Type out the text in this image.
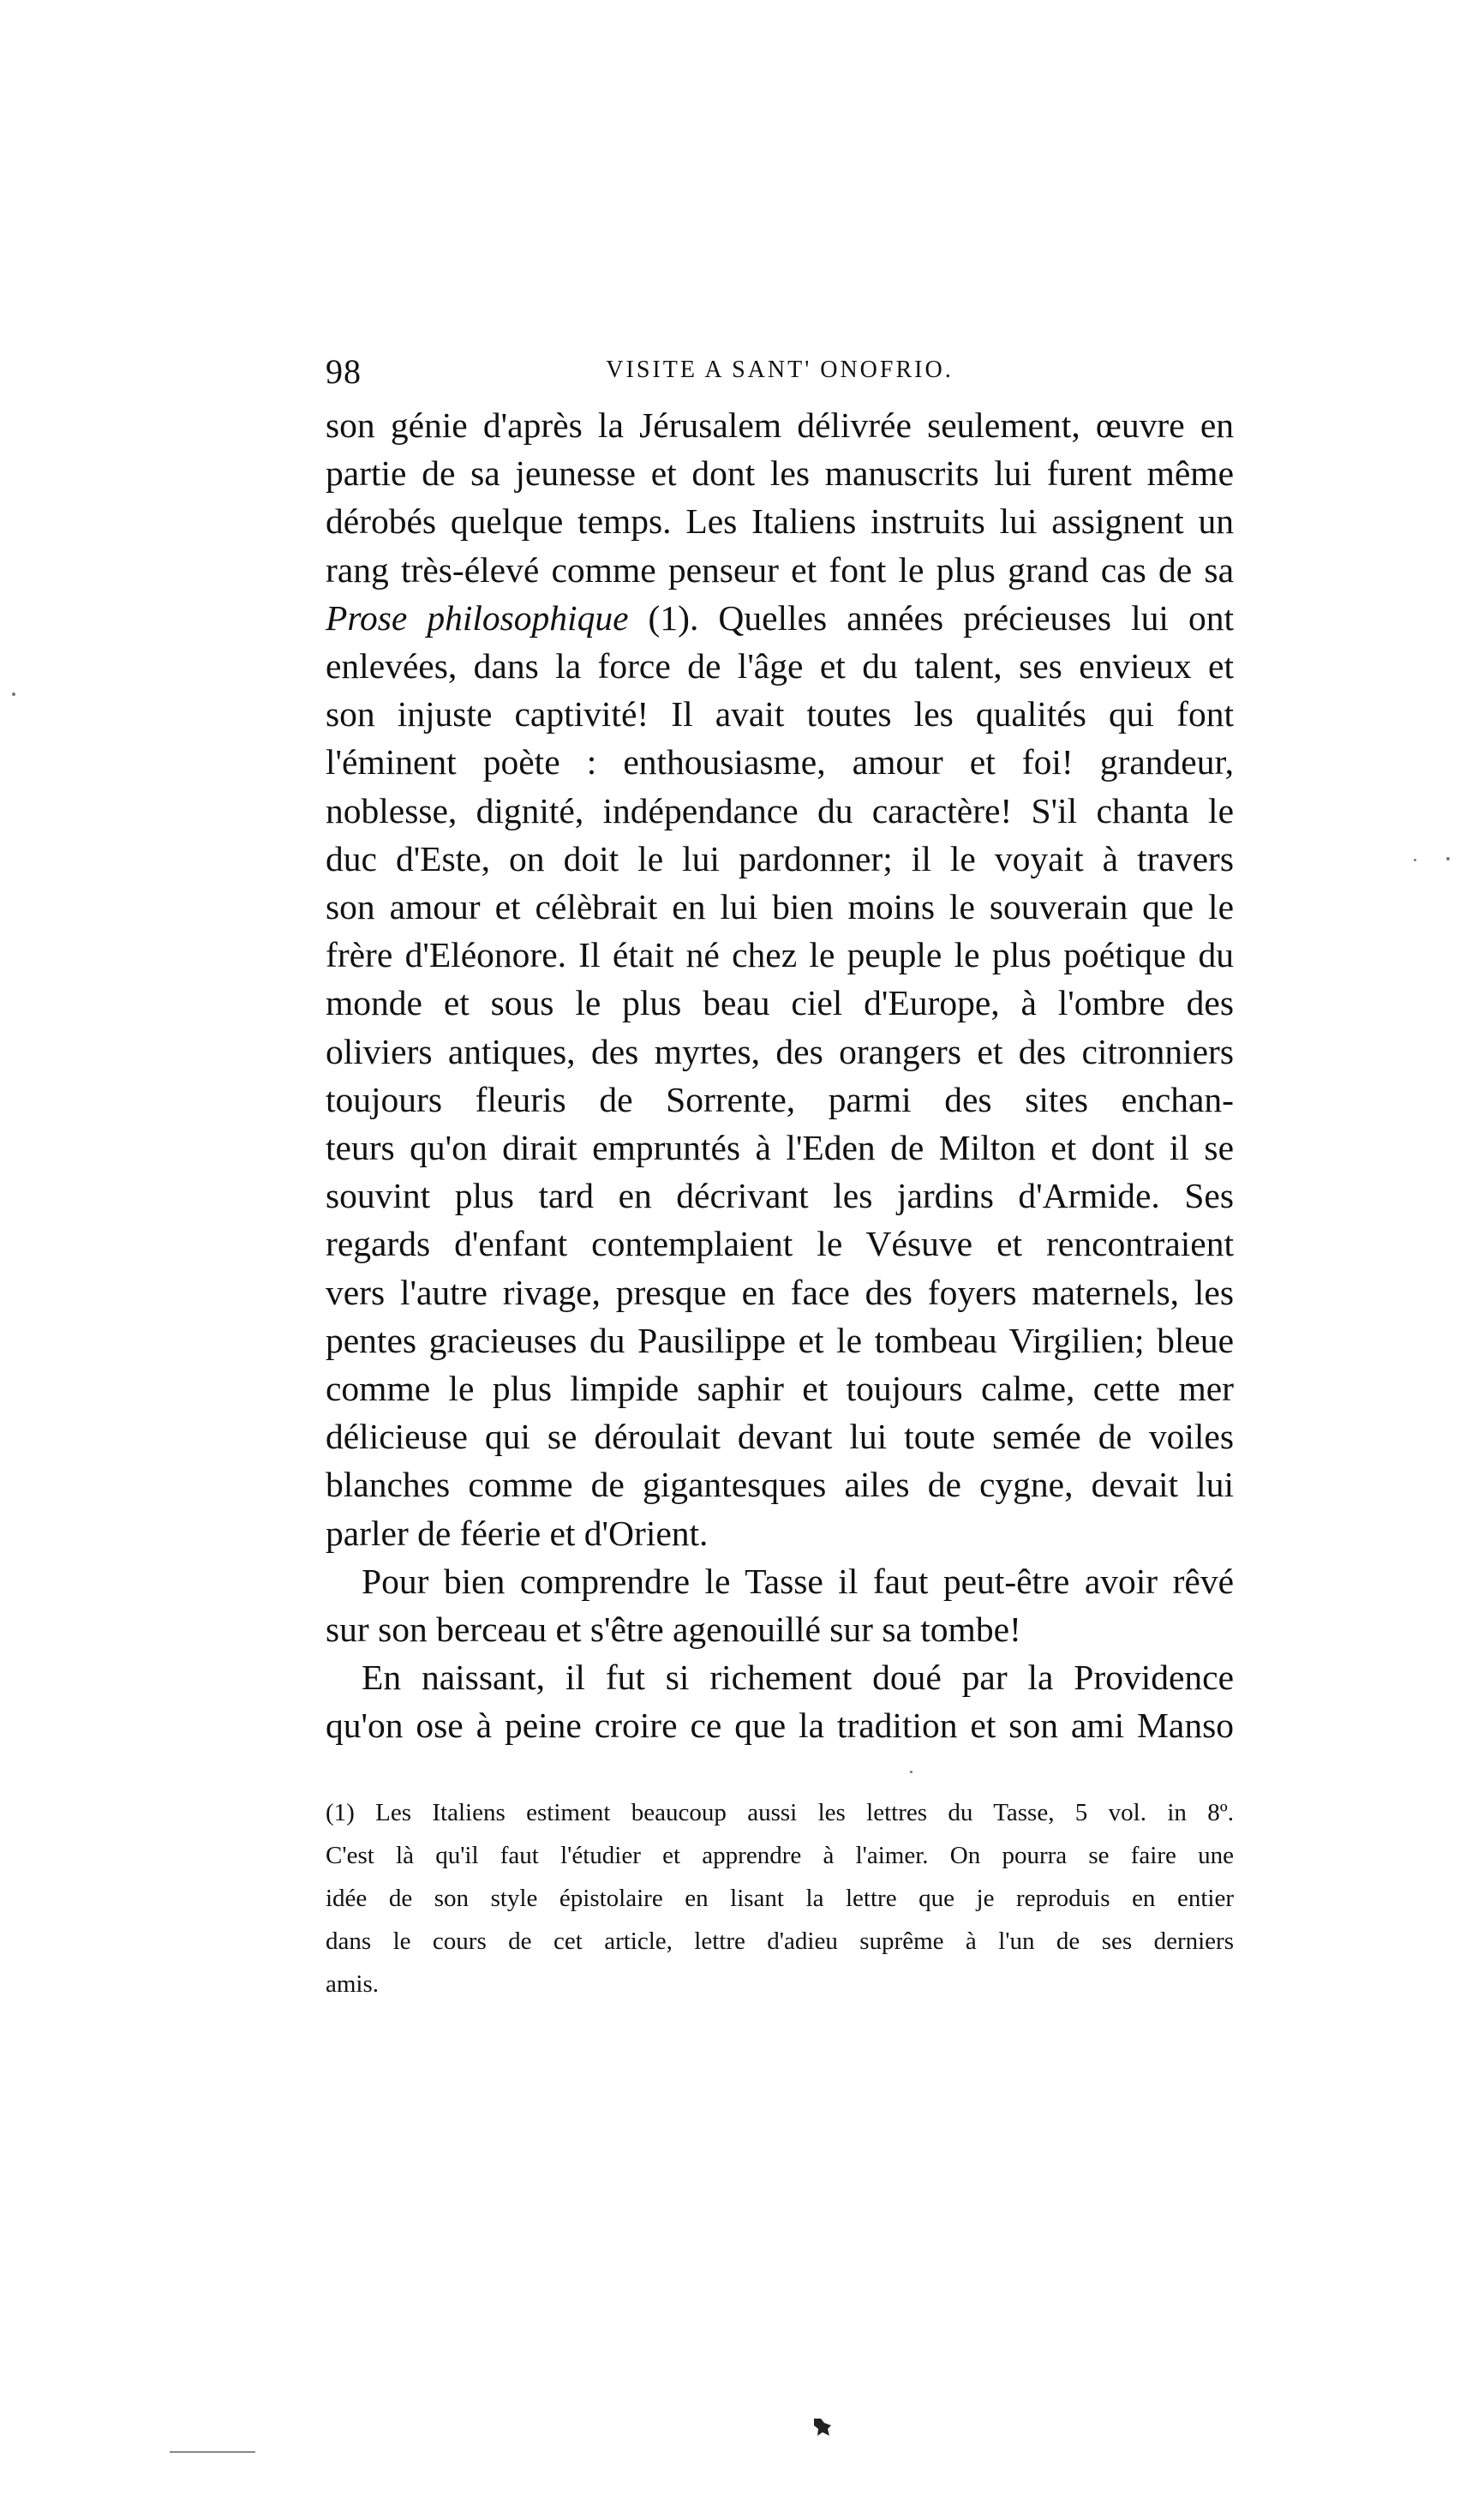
98	VISITE A SANT' ONOFRIO.

son génie d'après la Jérusalem délivrée seulement, œuvre en
partie de sa jeunesse et dont les manuscrits lui furent même
dérobés quelque temps. Les Italiens instruits lui assignent un
rang très-élevé comme penseur et font le plus grand cas de sa
Prose philosophique (1). Quelles années précieuses lui ont
enlevées, dans la force de l'âge et du talent, ses envieux et
son injuste captivité! Il avait toutes les qualités qui font
l'éminent poète : enthousiasme, amour et foi! grandeur,
noblesse, dignité, indépendance du caractère! S'il chanta le
duc d'Este, on doit le lui pardonner; il le voyait à travers
son amour et célèbrait en lui bien moins le souverain que le
frère d'Eléonore. Il était né chez le peuple le plus poétique du
monde et sous le plus beau ciel d'Europe, à l'ombre des
oliviers antiques, des myrtes, des orangers et des citronniers
toujours fleuris de Sorrente, parmi des sites enchan-
teurs qu'on dirait empruntés à l'Eden de Milton et dont il se
souvint plus tard en décrivant les jardins d'Armide. Ses
regards d'enfant contemplaient le Vésuve et rencontraient
vers l'autre rivage, presque en face des foyers maternels, les
pentes gracieuses du Pausilippe et le tombeau Virgilien; bleue
comme le plus limpide saphir et toujours calme, cette mer
délicieuse qui se déroulait devant lui toute semée de voiles
blanches comme de gigantesques ailes de cygne, devait lui
parler de féerie et d'Orient.

Pour bien comprendre le Tasse il faut peut-être avoir rêvé
sur son berceau et s'être agenouillé sur sa tombe!

En naissant, il fut si richement doué par la Providence
qu'on ose à peine croire ce que la tradition et son ami Manso

(1) Les Italiens estiment beaucoup aussi les lettres du Tasse, 5 vol. in 8º.
C'est là qu'il faut l'étudier et apprendre à l'aimer. On pourra se faire une
idée de son style épistolaire en lisant la lettre que je reproduis en entier
dans le cours de cet article, lettre d'adieu suprême à l'un de ses derniers
amis.
